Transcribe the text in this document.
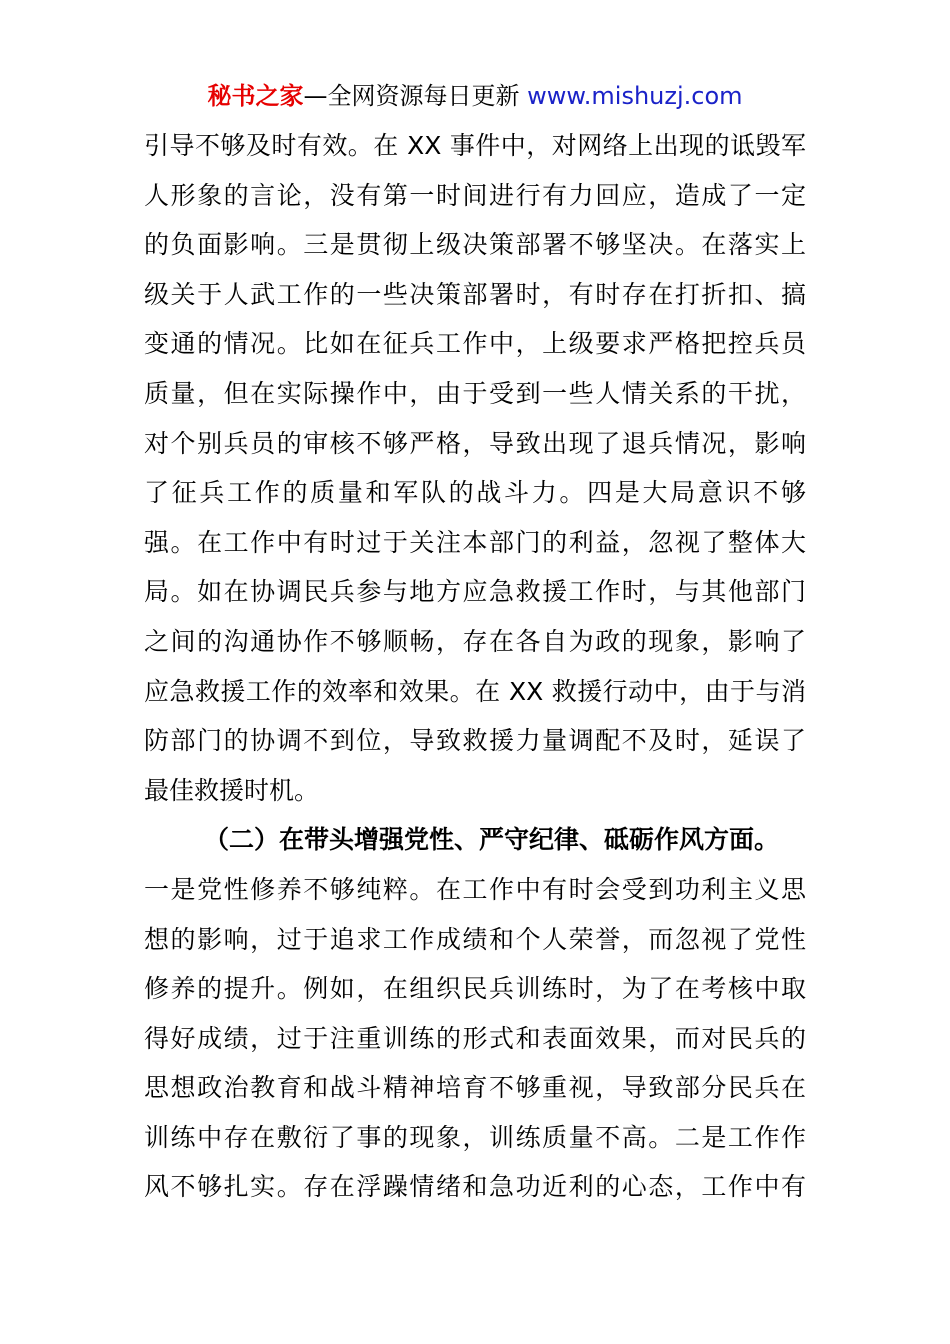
秘书之家—全网资源每日更新 www.mishuzj.com
引导不够及时有效。在 XX 事件中，对网络上出现的诋毁军
人形象的言论，没有第一时间进行有力回应，造成了一定
的负面影响。三是贯彻上级决策部署不够坚决。在落实上
级关于人武工作的一些决策部署时，有时存在打折扣、搞
变通的情况。比如在征兵工作中，上级要求严格把控兵员
质量，但在实际操作中，由于受到一些人情关系的干扰，
对个别兵员的审核不够严格，导致出现了退兵情况，影响
了征兵工作的质量和军队的战斗力。四是大局意识不够
强。在工作中有时过于关注本部门的利益，忽视了整体大
局。如在协调民兵参与地方应急救援工作时，与其他部门
之间的沟通协作不够顺畅，存在各自为政的现象，影响了
应急救援工作的效率和效果。在 XX 救援行动中，由于与消
防部门的协调不到位，导致救援力量调配不及时，延误了
最佳救援时机。
（二）在带头增强党性、严守纪律、砥砺作风方面。
一是党性修养不够纯粹。在工作中有时会受到功利主义思
想的影响，过于追求工作成绩和个人荣誉，而忽视了党性
修养的提升。例如，在组织民兵训练时，为了在考核中取
得好成绩，过于注重训练的形式和表面效果，而对民兵的
思想政治教育和战斗精神培育不够重视，导致部分民兵在
训练中存在敷衍了事的现象，训练质量不高。二是工作作
风不够扎实。存在浮躁情绪和急功近利的心态，工作中有
